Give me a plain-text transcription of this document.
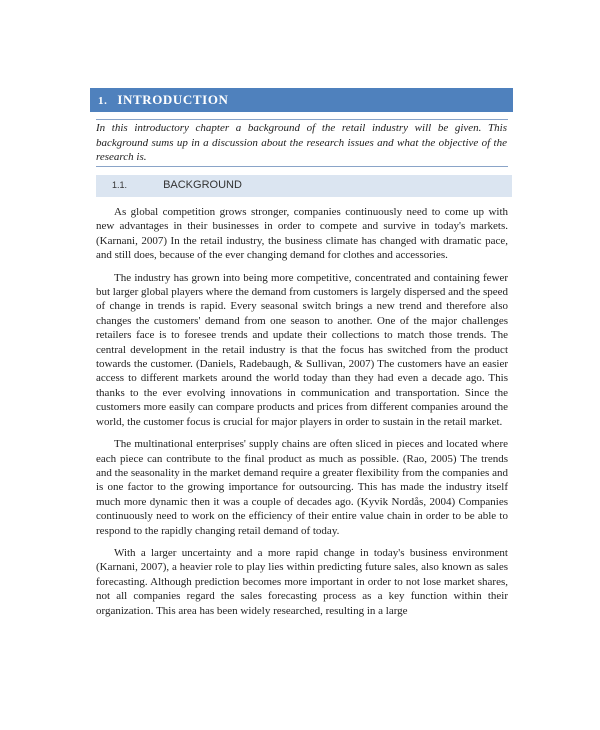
1. INTRODUCTION
In this introductory chapter a background of the retail industry will be given. This background sums up in a discussion about the research issues and what the objective of the research is.
1.1.	BACKGROUND

As global competition grows stronger, companies continuously need to come up with new advantages in their businesses in order to compete and survive in today's markets. (Karnani, 2007) In the retail industry, the business climate has changed with dramatic pace, and still does, because of the ever changing demand for clothes and accessories.

The industry has grown into being more competitive, concentrated and containing fewer but larger global players where the demand from customers is largely dispersed and the speed of change in trends is rapid. Every seasonal switch brings a new trend and therefore also changes the customers' demand from one season to another. One of the major challenges retailers face is to foresee trends and update their collections to match those trends. The central development in the retail industry is that the focus has switched from the product towards the customer. (Daniels, Radebaugh, & Sullivan, 2007) The customers have an easier access to different markets around the world today than they had even a decade ago. This thanks to the ever evolving innovations in communication and transportation. Since the customers more easily can compare products and prices from different companies around the world, the customer focus is crucial for major players in order to sustain in the retail market.

The multinational enterprises' supply chains are often sliced in pieces and located where each piece can contribute to the final product as much as possible. (Rao, 2005) The trends and the seasonality in the market demand require a greater flexibility from the companies and is one factor to the growing importance for outsourcing. This has made the industry itself much more dynamic then it was a couple of decades ago. (Kyvik Nordås, 2004) Companies continuously need to work on the efficiency of their entire value chain in order to be able to respond to the rapidly changing retail demand of today.

With a larger uncertainty and a more rapid change in today's business environment (Karnani, 2007), a heavier role to play lies within predicting future sales, also known as sales forecasting. Although prediction becomes more important in order to not lose market shares, not all companies regard the sales forecasting process as a key function within their organization. This area has been widely researched, resulting in a large
